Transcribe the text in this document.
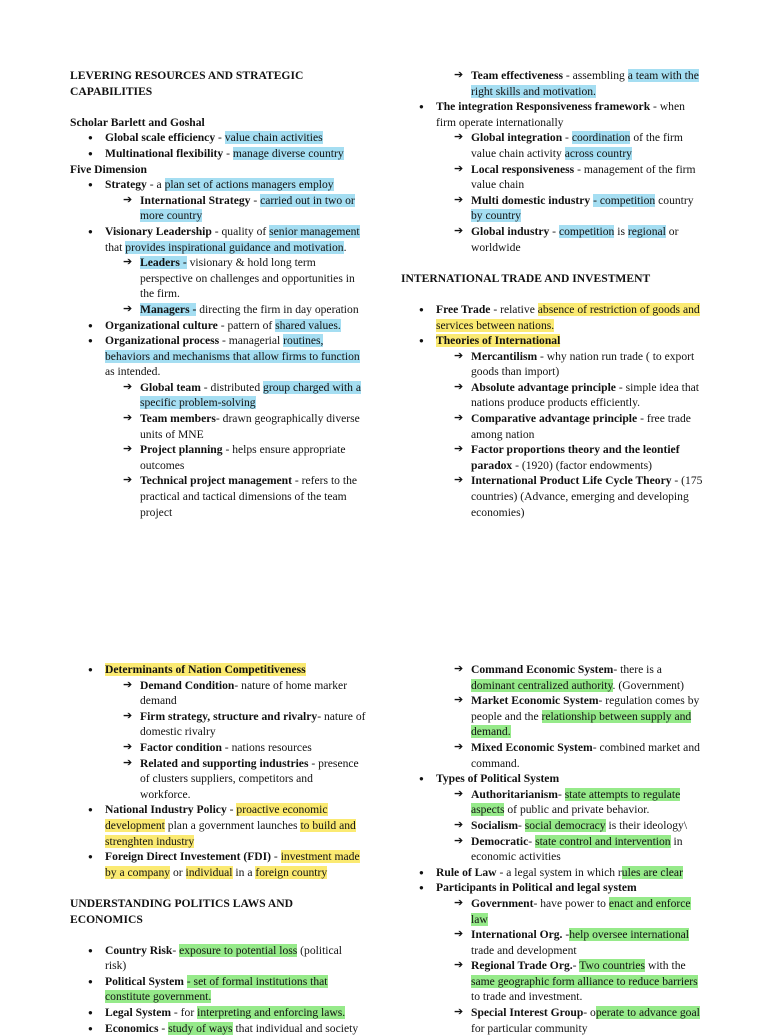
LEVERING RESOURCES AND STRATEGIC CAPABILITIES
Scholar Barlett and Goshal
● Global scale efficiency - value chain activities
● Multinational flexibility - manage diverse country
Five Dimension
● Strategy - a plan set of actions managers employ
➔ International Strategy - carried out in two or more country
● Visionary Leadership - quality of senior management that provides inspirational guidance and motivation.
➔ Leaders - visionary & hold long term perspective on challenges and opportunities in the firm.
➔ Managers - directing the firm in day operation
● Organizational culture - pattern of shared values.
● Organizational process - managerial routines, behaviors and mechanisms that allow firms to function as intended.
➔ Global team - distributed group charged with a specific problem-solving
➔ Team members- drawn geographically diverse units of MNE
➔ Project planning - helps ensure appropriate outcomes
➔ Technical project management - refers to the practical and tactical dimensions of the team project
➔ Team effectiveness - assembling a team with the right skills and motivation.
● The integration Responsiveness framework - when firm operate internationally
➔ Global integration - coordination of the firm value chain activity across country
➔ Local responsiveness - management of the firm value chain
➔ Multi domestic industry - competition country by country
➔ Global industry - competition is regional or worldwide
INTERNATIONAL TRADE AND INVESTMENT
● Free Trade - relative absence of restriction of goods and services between nations.
● Theories of International
➔ Mercantilism - why nation run trade ( to export goods than import)
➔ Absolute advantage principle - simple idea that nations produce products efficiently.
➔ Comparative advantage principle - free trade among nation
➔ Factor proportions theory and the leontief paradox - (1920) (factor endowments)
➔ International Product Life Cycle Theory - (175 countries) (Advance, emerging and developing economies)
● Determinants of Nation Competitiveness
➔ Demand Condition- nature of home marker demand
➔ Firm strategy, structure and rivalry- nature of domestic rivalry
➔ Factor condition - nations resources
➔ Related and supporting industries - presence of clusters suppliers, competitors and workforce.
● National Industry Policy - proactive economic development plan a government launches to build and strenghten industry
● Foreign Direct Investement (FDI) - investment made by a company or individual in a foreign country
UNDERSTANDING POLITICS LAWS AND ECONOMICS
● Country Risk- exposure to potential loss (political risk)
● Political System - set of formal institutions that constitute government.
● Legal System - for interpreting and enforcing laws.
● Economics - study of ways that individual and society
➔ Command Economic System- there is a dominant centralized authority. (Government)
➔ Market Economic System- regulation comes by people and the relationship between supply and demand.
➔ Mixed Economic System- combined market and command.
● Types of Political System
➔ Authoritarianism- state attempts to regulate aspects of public and private behavior.
➔ Socialism- social democracy is their ideology\
➔ Democratic- state control and intervention in economic activities
● Rule of Law - a legal system in which rules are clear
● Participants in Political and legal system
➔ Government- have power to enact and enforce law
➔ International Org. -help oversee international trade and development
➔ Regional Trade Org.- Two countries with the same geographic form alliance to reduce barriers to trade and investment.
➔ Special Interest Group- operate to advance goal for particular community
